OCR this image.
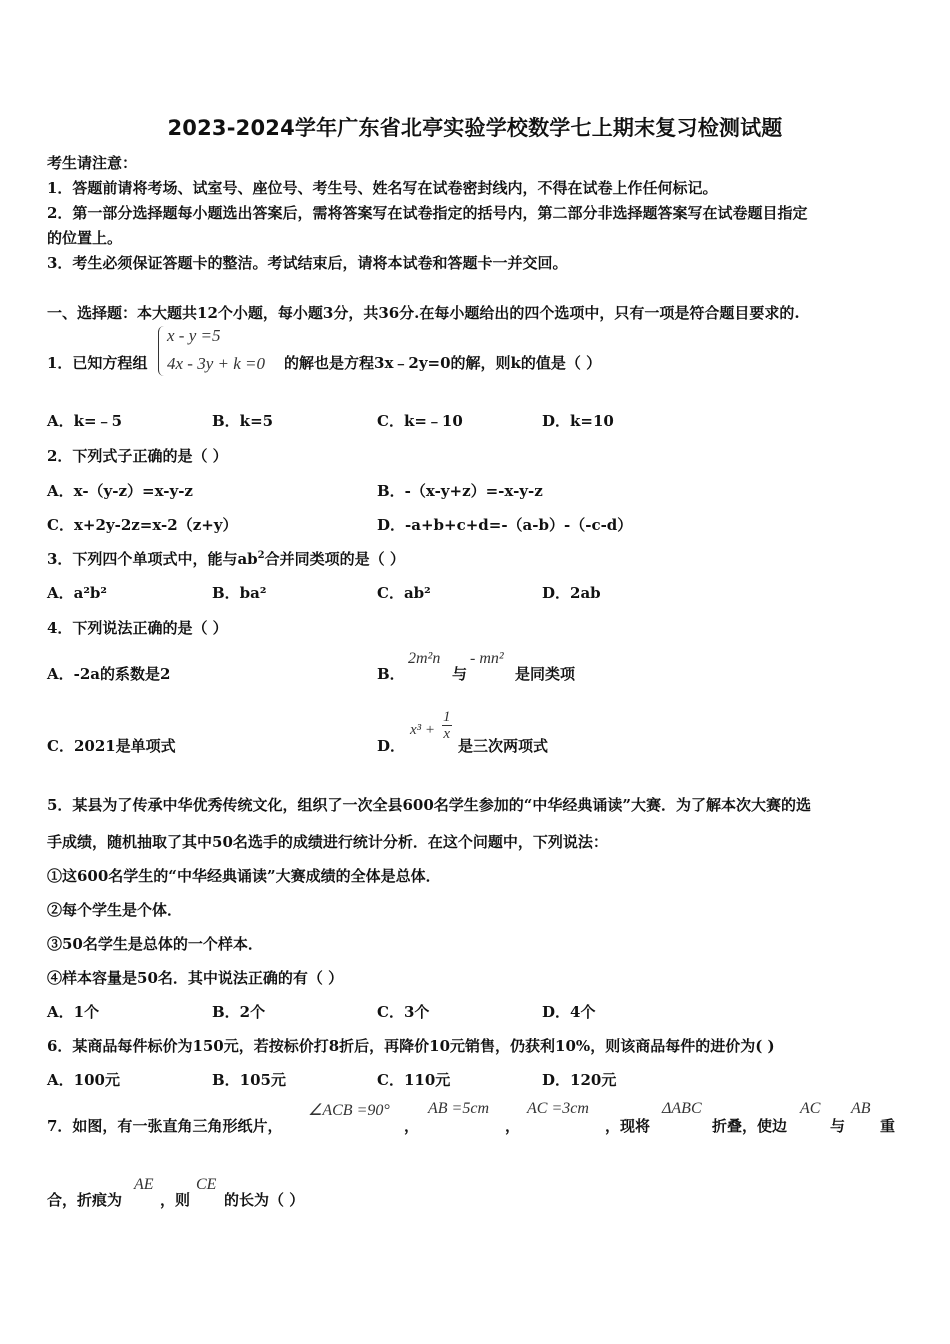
2023-2024学年广东省北亭实验学校数学七上期末复习检测试题
考生请注意：
1．答题前请将考场、试室号、座位号、考生号、姓名写在试卷密封线内，不得在试卷上作任何标记。
2．第一部分选择题每小题选出答案后，需将答案写在试卷指定的括号内，第二部分非选择题答案写在试卷题目指定
的位置上。
3．考生必须保证答题卡的整洁。考试结束后，请将本试卷和答题卡一并交回。
一、选择题：本大题共12个小题，每小题3分，共36分.在每小题给出的四个选项中，只有一项是符合题目要求的.
1．已知方程组
x - y =5
4x - 3y + k =0 的解也是方程3x﹣2y=0的解，则k的值是（ ）
A．k=﹣5	B．k=5	C．k=﹣10	D．k=10
2．下列式子正确的是（ ）
A．x-（y-z）=x-y-z	B．-（x-y+z）=-x-y-z
C．x+2y-2z=x-2（z+y）	D．-a+b+c+d=-（a-b）-（-c-d）
3．下列四个单项式中，能与$ab^2$合并同类项的是（ ）
A．a²b²	B．ba²	C．ab²	D．2ab
4．下列说法正确的是（ ）
A．-2a的系数是2	B．
2m²n
与
- mn²
是同类项
C．2021是单项式	D．
$x^3 + \frac{1}{x}$
是三次两项式
5．某县为了传承中华优秀传统文化，组织了一次全县600名学生参加的“中华经典诵读”大赛．为了解本次大赛的选
手成绩，随机抽取了其中50名选手的成绩进行统计分析．在这个问题中，下列说法：
①这600名学生的“中华经典诵读”大赛成绩的全体是总体．
②每个学生是个体．
③50名学生是总体的一个样本．
④样本容量是50名．其中说法正确的有（ ）
A．1个	B．2个	C．3个	D．4个
6．某商品每件标价为150元，若按标价打8折后，再降价10元销售，仍获利10%，则该商品每件的进价为( )
A．100元	B．105元	C．110元	D．120元
7．如图，有一张直角三角形纸片，
∠ACB =90°
，
AB =5cm
，
AC =3cm
，现将
ΔABC
折叠，使边
AC
与
AB
重
合，折痕为
AE
，则
CE
的长为（ ）
